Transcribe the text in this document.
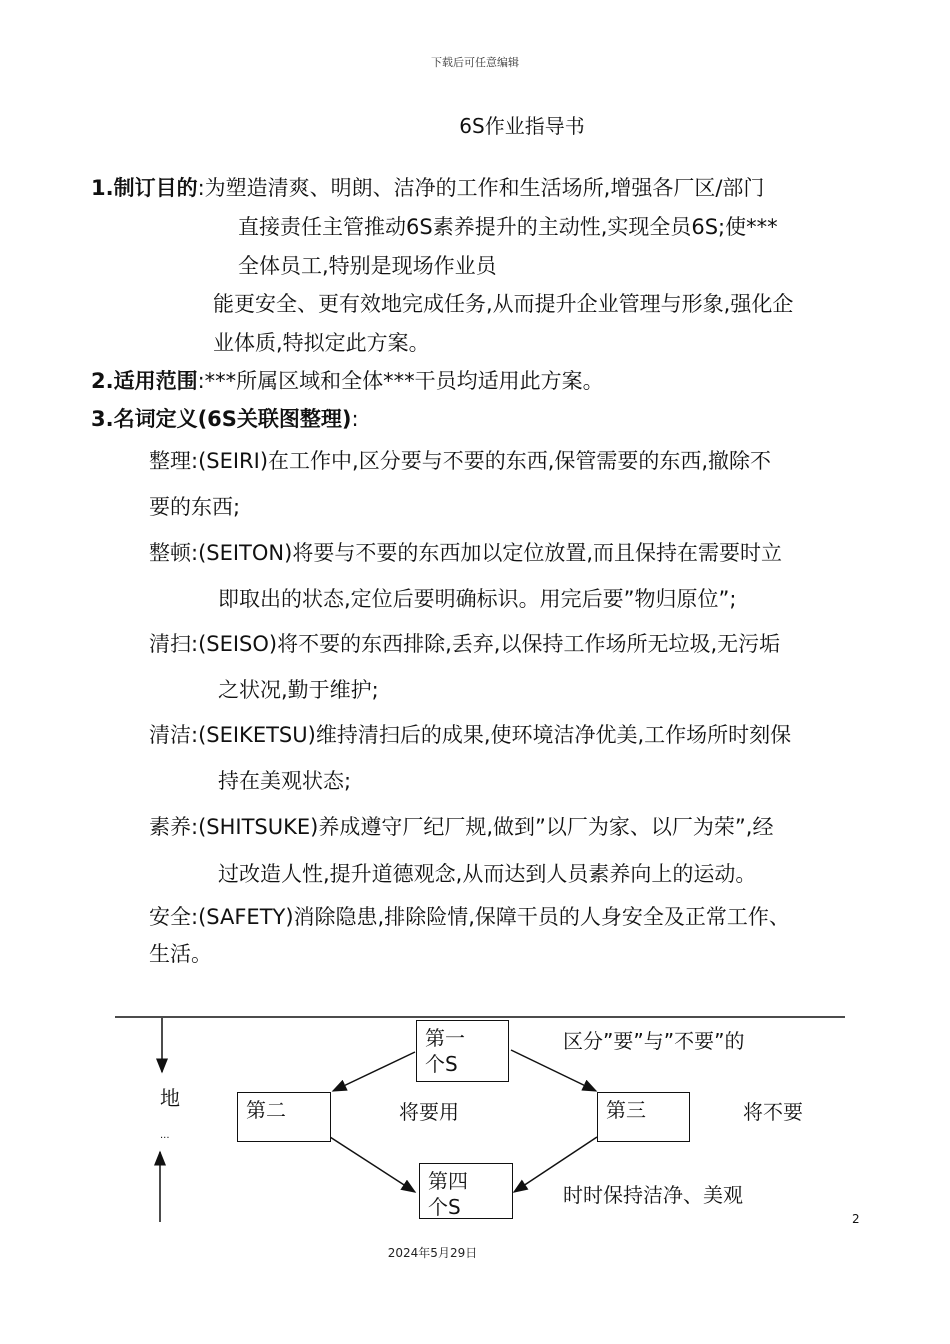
下载后可任意编辑
6S作业指导书
1.制订目的:为塑造清爽、明朗、洁净的工作和生活场所,增强各厂区/部门
直接责任主管推动6S素养提升的主动性,实现全员6S;使***
全体员工,特别是现场作业员
能更安全、更有效地完成任务,从而提升企业管理与形象,强化企
业体质,特拟定此方案。
2.适用范围:***所属区域和全体***干员均适用此方案。
3.名词定义(6S关联图整理):
整理:(SEIRI)在工作中,区分要与不要的东西,保管需要的东西,撤除不
要的东西;
整顿:(SEITON)将要与不要的东西加以定位放置,而且保持在需要时立
即取出的状态,定位后要明确标识。用完后要”物归原位”;
清扫:(SEISO)将不要的东西排除,丢弃,以保持工作场所无垃圾,无污垢
之状况,勤于维护;
清洁:(SEIKETSU)维持清扫后的成果,使环境洁净优美,工作场所时刻保
持在美观状态;
素养:(SHITSUKE)养成遵守厂纪厂规,做到”以厂为家、以厂为荣”,经
过改造人性,提升道德观念,从而达到人员素养向上的运动。
安全:(SAFETY)消除隐患,排除险情,保障干员的人身安全及正常工作、
生活。
第一
个S
第二	第三
第四
个S
地
...
区分”要”与”不要”的
将要用	将不要
时时保持洁净、美观
2
2024年5月29日
